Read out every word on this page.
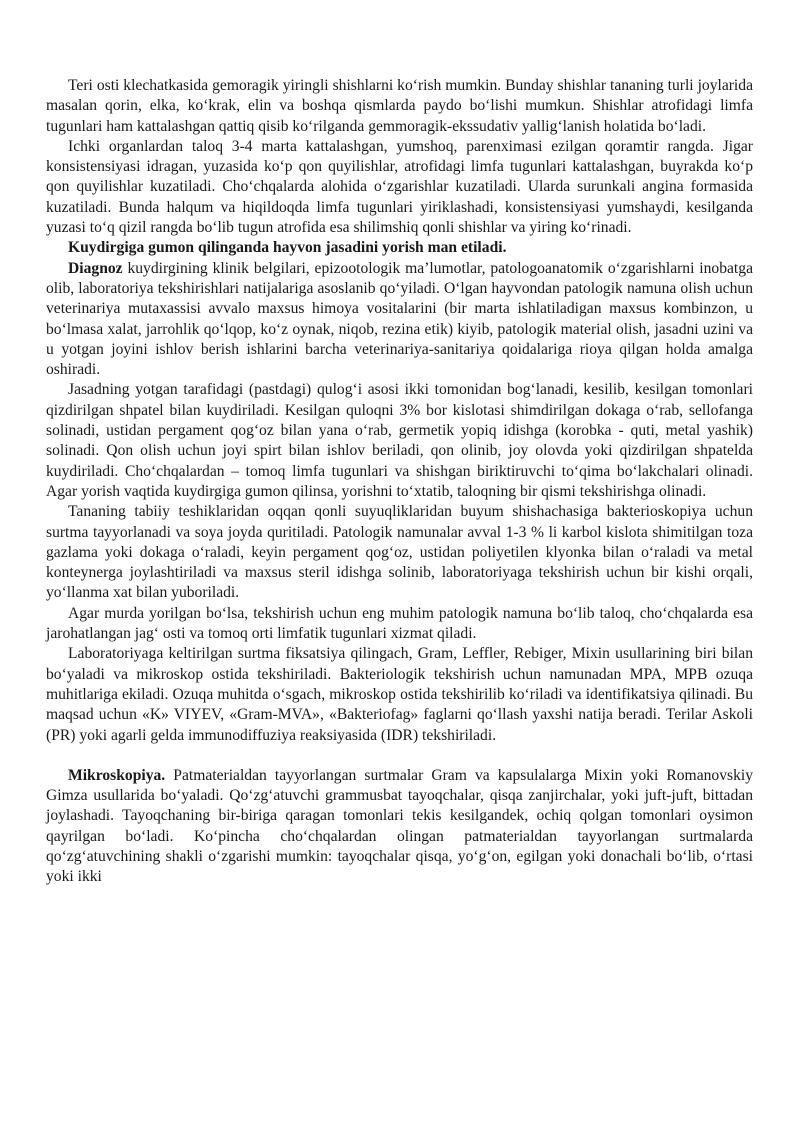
Teri osti klechatkasida gemoragik yiringli shishlarni ko‘rish mumkin. Bunday shishlar tananing turli joylarida masalan qorin, elka, ko‘krak, elin va boshqa qismlarda paydo bo‘lishi mumkun. Shishlar atrofidagi limfa tugunlari ham kattalashgan qattiq qisib ko‘rilganda gemmoragik-ekssudativ yallig‘lanish holatida bo‘ladi.

Ichki organlardan taloq 3-4 marta kattalashgan, yumshoq, parenximasi ezilgan qoramtir rangda. Jigar konsistensiyasi idragan, yuzasida ko‘p qon quyilishlar, atrofidagi limfa tugunlari kattalashgan, buyrakda ko‘p qon quyilishlar kuzatiladi. Cho‘chqalarda alohida o‘zgarishlar kuzatiladi. Ularda surunkali angina formasida kuzatiladi. Bunda halqum va hiqildoqda limfa tugunlari yiriklashadi, konsistensiyasi yumshaydi, kesilganda yuzasi to‘q qizil rangda bo‘lib tugun atrofida esa shilimshiq qonli shishlar va yiring ko‘rinadi.

Kuydirgiga gumon qilinganda hayvon jasadini yorish man etiladi.

Diagnoz kuydirgining klinik belgilari, epizootologik ma’lumotlar, patologoanatomik o‘zgarishlarni inobatga olib, laboratoriya tekshirishlari natijalariga asoslanib qo‘yiladi. O‘lgan hayvondan patologik namuna olish uchun veterinariya mutaxassisi avvalo maxsus himoya vositalarini (bir marta ishlatiladigan maxsus kombinzon, u bo‘lmasa xalat, jarrohlik qo‘lqop, ko‘z oynak, niqob, rezina etik) kiyib, patologik material olish, jasadni uzini va u yotgan joyini ishlov berish ishlarini barcha veterinariya-sanitariya qoidalariga rioya qilgan holda amalga oshiradi.

Jasadning yotgan tarafidagi (pastdagi) qulog‘i asosi ikki tomonidan bog‘lanadi, kesilib, kesilgan tomonlari qizdirilgan shpatel bilan kuydiriladi. Kesilgan quloqni 3% bor kislotasi shimdirilgan dokaga o‘rab, sellofanga solinadi, ustidan pergament qog‘oz bilan yana o‘rab, germetik yopiq idishga (korobka - quti, metal yashik) solinadi. Qon olish uchun joyi spirt bilan ishlov beriladi, qon olinib, joy olovda yoki qizdirilgan shpatelda kuydiriladi. Cho‘chqalardan – tomoq limfa tugunlari va shishgan biriktiruvchi to‘qima bo‘lakchalari olinadi. Agar yorish vaqtida kuydirgiga gumon qilinsa, yorishni to‘xtatib, taloqning bir qismi tekshirishga olinadi.

Tananing tabiiy teshiklaridan oqqan qonli suyuqliklaridan buyum shishachasiga bakterioskopiya uchun surtma tayyorlanadi va soya joyda quritiladi. Patologik namunalar avval 1-3 % li karbol kislota shimitilgan toza gazlama yoki dokaga o‘raladi, keyin pergament qog‘oz, ustidan poliyetilen klyonka bilan o‘raladi va metal konteynerga joylashtiriladi va maxsus steril idishga solinib, laboratoriyaga tekshirish uchun bir kishi orqali, yo‘llanma xat bilan yuboriladi.

Agar murda yorilgan bo‘lsa, tekshirish uchun eng muhim patologik namuna bo‘lib taloq, cho‘chqalarda esa jarohatlangan jag‘ osti va tomoq orti limfatik tugunlari xizmat qiladi.

Laboratoriyaga keltirilgan surtma fiksatsiya qilingach, Gram, Leffler, Rebiger, Mixin usullarining biri bilan bo‘yaladi va mikroskop ostida tekshiriladi. Bakteriologik tekshirish uchun namunadan MPA, MPB ozuqa muhitlariga ekiladi. Ozuqa muhitda o‘sgach, mikroskop ostida tekshirilib ko‘riladi va identifikatsiya qilinadi. Bu maqsad uchun «K» VIYEV, «Gram-MVA», «Bakteriofag» faglarni qo‘llash yaxshi natija beradi. Terilar Askoli (PR) yoki agarli gelda immunodiffuziya reaksiyasida (IDR) tekshiriladi.

Mikroskopiya. Patmaterialdan tayyorlangan surtmalar Gram va kapsulalarga Mixin yoki Romanovskiy Gimza usullarida bo‘yaladi. Qo‘zg‘atuvchi grammusbat tayoqchalar, qisqa zanjirchalar, yoki juft-juft, bittadan joylashadi. Tayoqchaning bir-biriga qaragan tomonlari tekis kesilgandek, ochiq qolgan tomonlari oysimon qayrilgan bo‘ladi. Ko‘pincha cho‘chqalardan olingan patmaterialdan tayyorlangan surtmalarda qo‘zg‘atuvchining shakli o‘zgarishi mumkin: tayoqchalar qisqa, yo‘g‘on, egilgan yoki donachali bo‘lib, o‘rtasi yoki ikki
